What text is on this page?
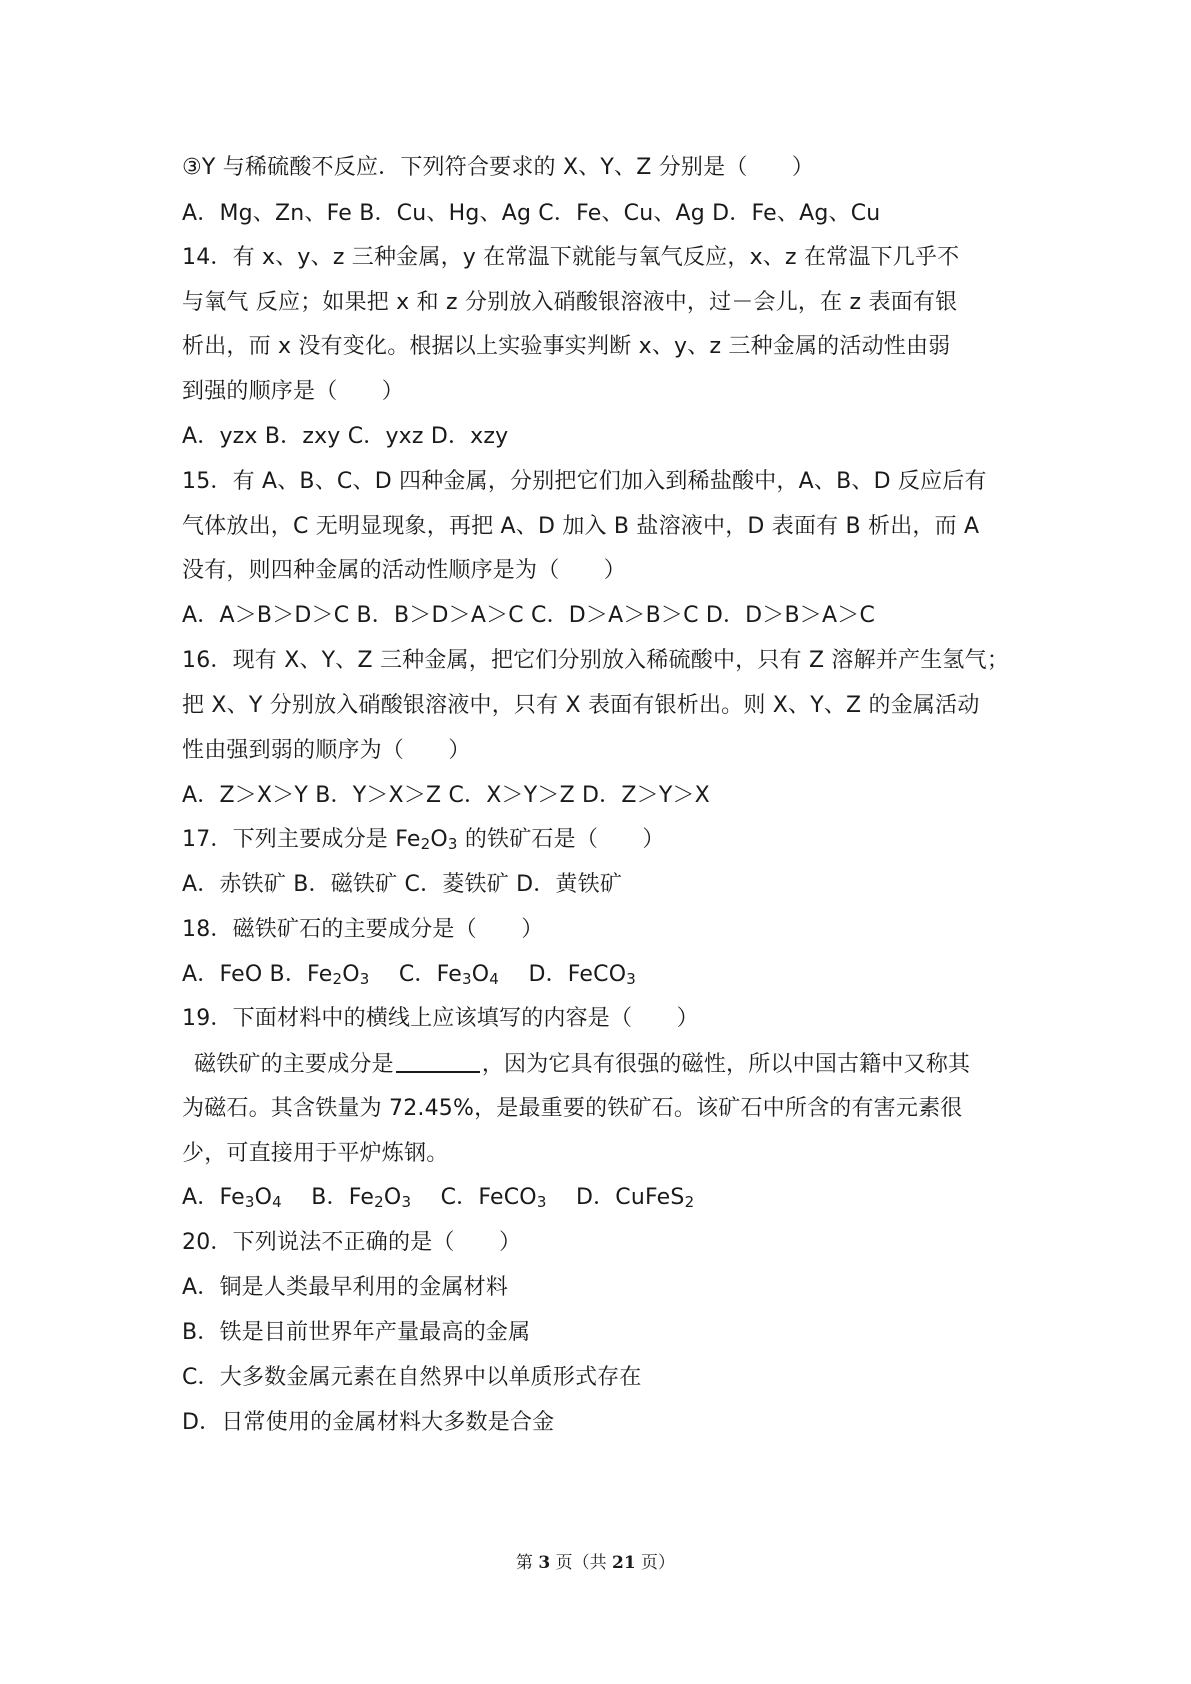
③Y 与稀硫酸不反应．下列符合要求的 X、Y、Z 分别是（　　）
A．Mg、Zn、Fe B．Cu、Hg、Ag C．Fe、Cu、Ag D．Fe、Ag、Cu
14．有 x、y、z 三种金属，y 在常温下就能与氧气反应，x、z 在常温下几乎不
与氧气 反应；如果把 x 和 z 分别放入硝酸银溶液中，过－会儿，在 z 表面有银
析出，而 x 没有变化。根据以上实验事实判断 x、y、z 三种金属的活动性由弱
到强的顺序是（　　）
A．yzx B．zxy C．yxz D．xzy
15．有 A、B、C、D 四种金属，分别把它们加入到稀盐酸中，A、B、D 反应后有
气体放出，C 无明显现象，再把 A、D 加入 B 盐溶液中，D 表面有 B 析出，而 A
没有，则四种金属的活动性顺序是为（　　）
A．A＞B＞D＞C B．B＞D＞A＞C C．D＞A＞B＞C D．D＞B＞A＞C
16．现有 X、Y、Z 三种金属，把它们分别放入稀硫酸中，只有 Z 溶解并产生氢气；
把 X、Y 分别放入硝酸银溶液中，只有 X 表面有银析出。则 X、Y、Z 的金属活动
性由强到弱的顺序为（　　）
A．Z＞X＞Y B．Y＞X＞Z C．X＞Y＞Z D．Z＞Y＞X
17．下列主要成分是 $Fe_2O_3$ 的铁矿石是（　　）
A．赤铁矿 B．磁铁矿 C．菱铁矿 D．黄铁矿
18．磁铁矿石的主要成分是（　　）
A．FeO B．$Fe_2O_3$　 C．$Fe_3O_4$　 D．FeCO$_3$
19．下面材料中的横线上应该填写的内容是（　　）
磁铁矿的主要成分是	，因为它具有很强的磁性，所以中国古籍中又称其
为磁石。其含铁量为 72.45%，是最重要的铁矿石。该矿石中所含的有害元素很
少，可直接用于平炉炼钢。
A．$Fe_3O_4$　 B．$Fe_2O_3$　 C．FeCO$_3$　 D．CuFeS$_2$
20．下列说法不正确的是（　　）
A．铜是人类最早利用的金属材料
B．铁是目前世界年产量最高的金属
C．大多数金属元素在自然界中以单质形式存在
D．日常使用的金属材料大多数是合金
第 3 页（共 21 页）
